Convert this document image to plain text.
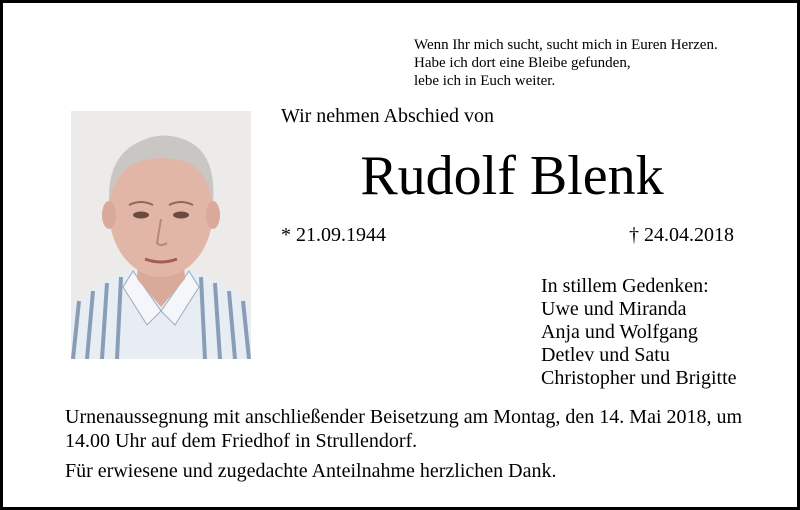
Wenn Ihr mich sucht, sucht mich in Euren Herzen.
Habe ich dort eine Bleibe gefunden,
lebe ich in Euch weiter.
Wir nehmen Abschied von
Rudolf Blenk
* 21.09.1944	† 24.04.2018
In stillem Gedenken:
Uwe und Miranda
Anja und Wolfgang
Detlev und Satu
Christopher und Brigitte
Urnenaussegnung mit anschließender Beisetzung am Montag, den 14. Mai 2018, um
14.00 Uhr auf dem Friedhof in Strullendorf.
Für erwiesene und zugedachte Anteilnahme herzlichen Dank.
